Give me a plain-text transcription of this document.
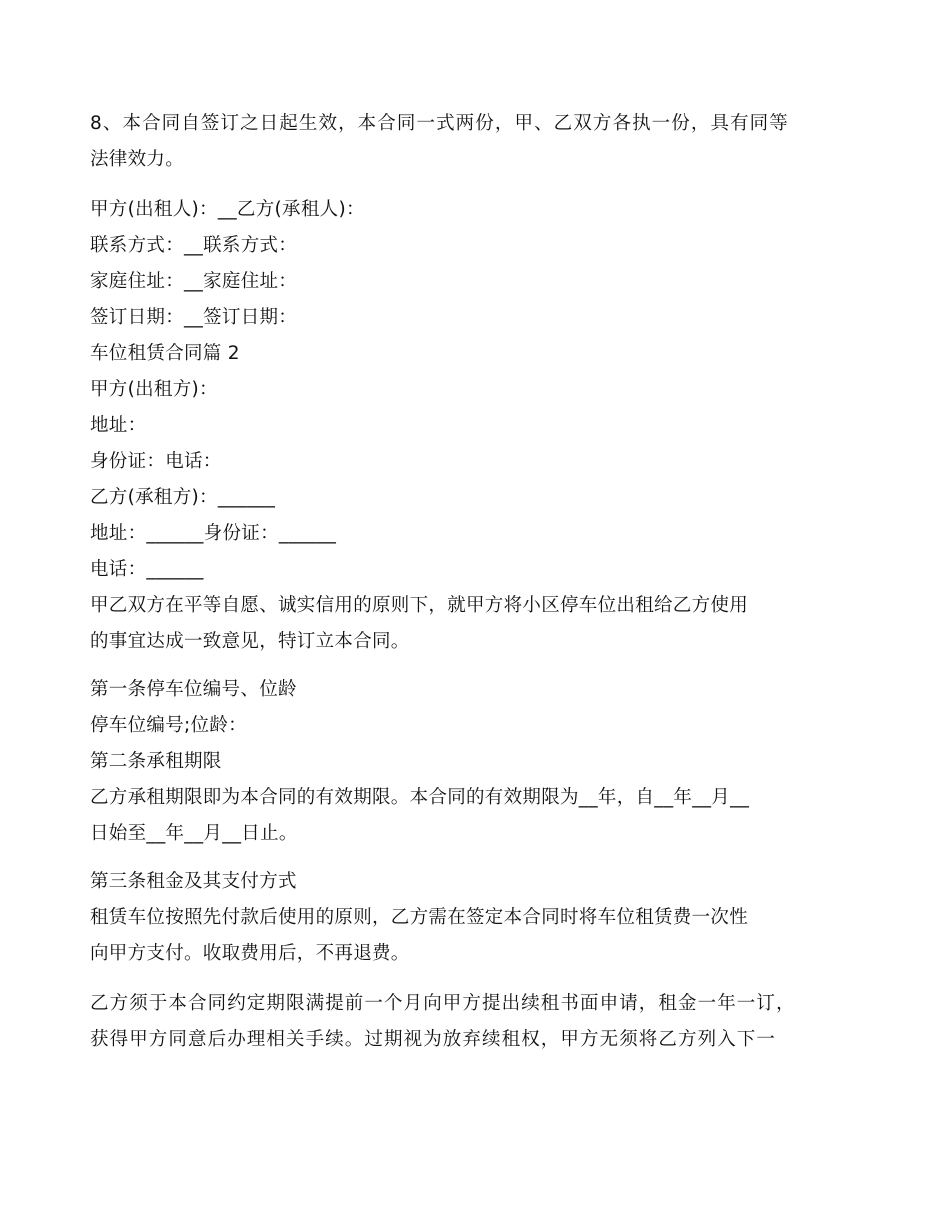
8、本合同自签订之日起生效，本合同一式两份，甲、乙双方各执一份，具有同等
法律效力。
甲方(出租人)：__乙方(承租人)：
联系方式：__联系方式：
家庭住址：__家庭住址：
签订日期：__签订日期：
车位租赁合同篇 2
甲方(出租方)：
地址：
身份证：电话：
乙方(承租方)：______
地址：______身份证：______
电话：______
甲乙双方在平等自愿、诚实信用的原则下，就甲方将小区停车位出租给乙方使用
的事宜达成一致意见，特订立本合同。
第一条停车位编号、位龄
停车位编号;位龄：
第二条承租期限
乙方承租期限即为本合同的有效期限。本合同的有效期限为__年，自__年__月__
日始至__年__月__日止。
第三条租金及其支付方式
租赁车位按照先付款后使用的原则，乙方需在签定本合同时将车位租赁费一次性
向甲方支付。收取费用后，不再退费。
乙方须于本合同约定期限满提前一个月向甲方提出续租书面申请，租金一年一订，
获得甲方同意后办理相关手续。过期视为放弃续租权，甲方无须将乙方列入下一
